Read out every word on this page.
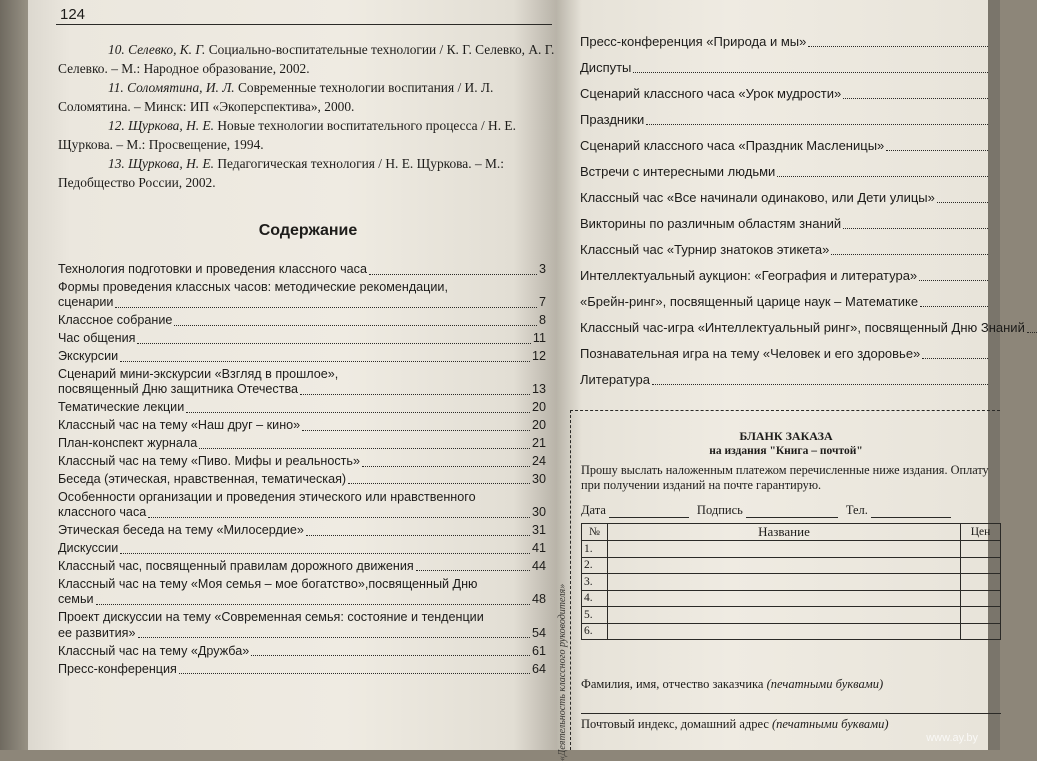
124

10. Селевко, К. Г. Социально-воспитательные технологии / К. Г. Селевко, А. Г. Селевко. – М.: Народное образование, 2002.

11. Соломятина, И. Л. Современные технологии воспитания / И. Л. Соломятина. – Минск: ИП «Экоперспектива», 2000.

12. Щуркова, Н. Е. Новые технологии воспитательного процесса / Н. Е. Щуркова. – М.: Просвещение, 1994.

13. Щуркова, Н. Е. Педагогическая технология / Н. Е. Щуркова. – М.: Педобщество России, 2002.

Содержание
Технология подготовки и проведения классного часа	3
Формы проведения классных часов: методические рекомендации,
сценарии	7
Классное собрание	8
Час общения	11
Экскурсии	12
Сценарий мини-экскурсии «Взгляд в прошлое»,
посвященный Дню защитника Отечества	13
Тематические лекции	20
Классный час на тему «Наш друг – кино»	20
План-конспект журнала	21
Классный час на тему «Пиво. Мифы и реальность»	24
Беседа (этическая, нравственная, тематическая)	30
Особенности организации и проведения этического или нравственного
классного часа	30
Этическая беседа на тему «Милосердие»	31
Дискуссии	41
Классный час, посвященный правилам дорожного движения	44
Классный час на тему «Моя семья – мое богатство»,посвященный Дню
семьи	48
Проект дискуссии на тему «Современная семья: состояние и тенденции
ее развития»	54
Классный час на тему «Дружба»	61
Пресс-конференция	64
Пресс-конференция «Природа и мы»
Диспуты
Сценарий классного часа «Урок мудрости»
Праздники
Сценарий классного часа «Праздник Масленицы»
Встречи с интересными людьми
Классный час «Все начинали одинаково, или Дети улицы»
Викторины по различным областям знаний
Классный час «Турнир знатоков этикета»
Интеллектуальный аукцион: «География и литература»
«Брейн-ринг», посвященный царице наук – Математике
Классный час-игра «Интеллектуальный ринг», посвященный Дню Знаний
Познавательная игра на тему «Человек и его здоровье»
Литература
«Деятельность классного руководителя»
БЛАНК ЗАКАЗА
на издания "Книга – почтой"
Прошу выслать наложенным платежом перечисленные ниже издания. Оплату при получении изданий на почте гарантирую.
Дата	Подпись	Тел.
№	Название	Цен
1.		
2.		
3.		
4.		
5.		
6.		
Фамилия, имя, отчество заказчика (печатными буквами)
Почтовый индекс, домашний адрес (печатными буквами)
www.ay.by
